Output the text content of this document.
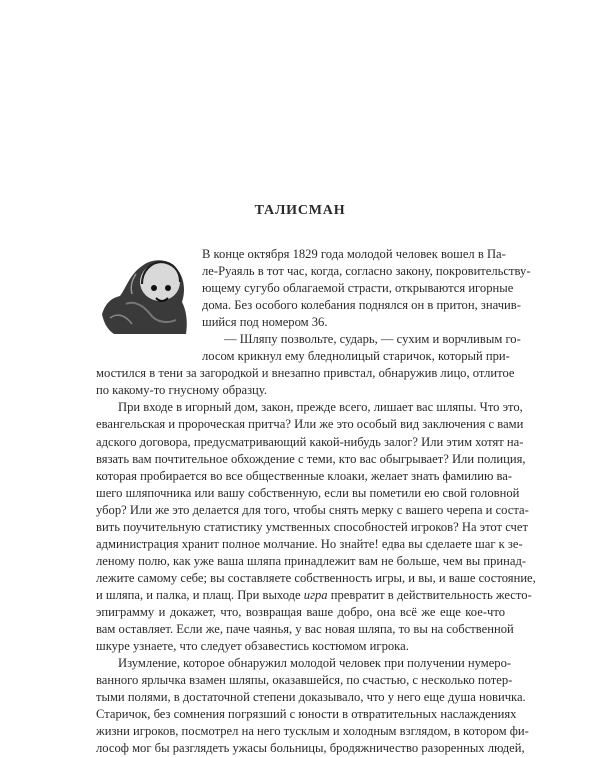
ТАЛИСМАН
В конце октября 1829 года молодой человек вошел в Па-
ле-Руаяль в тот час, когда, согласно закону, покровительству-
ющему сугубо облагаемой страсти, открываются игорные
дома. Без особого колебания поднялся он в притон, значив-
шийся под номером 36.
— Шляпу позвольте, сударь, — сухим и ворчливым го-
лосом крикнул ему бледнолицый старичок, который при-
мостился в тени за загородкой и внезапно привстал, обнаружив лицо, отлитое
по какому-то гнусному образцу.
При входе в игорный дом, закон, прежде всего, лишает вас шляпы. Что это,
евангельская и пророческая притча? Или же это особый вид заключения с вами
адского договора, предусматривающий какой-нибудь залог? Или этим хотят на-
вязать вам почтительное обхождение с теми, кто вас обыгрывает? Или полиция,
которая пробирается во все общественные клоаки, желает знать фамилию ва-
шего шляпочника или вашу собственную, если вы пометили ею свой головной
убор? Или же это делается для того, чтобы снять мерку с вашего черепа и соста-
вить поучительную статистику умственных способностей игроков? На этот счет
администрация хранит полное молчание. Но знайте! едва вы сделаете шаг к зе-
леному полю, как уже ваша шляпа принадлежит вам не больше, чем вы принад-
лежите самому себе; вы составляете собственность игры, и вы, и ваше состояние,
и шляпа, и палка, и плащ. При выходе игра превратит в действительность жесто-
эпиграмму и докажет, что, возвращая ваше добро, она всё же еще кое-что
вам оставляет. Если же, паче чаянья, у вас новая шляпа, то вы на собственной
шкуре узнаете, что следует обзавестись костюмом игрока.
Изумление, которое обнаружил молодой человек при получении нумеро-
ванного ярлычка взамен шляпы, оказавшейся, по счастью, с несколько потер-
тыми полями, в достаточной степени доказывало, что у него еще душа новичка.
Старичок, без сомнения погрязший с юности в отвратительных наслаждениях
жизни игроков, посмотрел на него тусклым и холодным взглядом, в котором фи-
лософ мог бы разглядеть ужасы больницы, бродяжничество разоренных людей,
